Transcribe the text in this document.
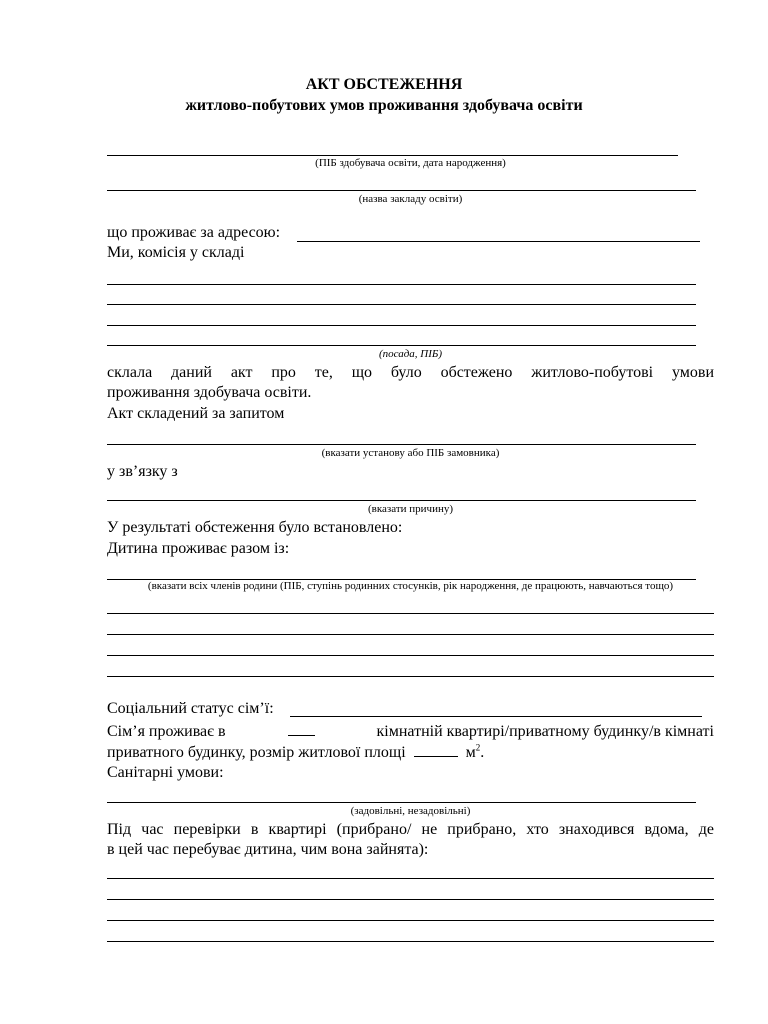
АКТ ОБСТЕЖЕННЯ
житлово-побутових умов проживання здобувача освіти
(ПІБ здобувача освіти, дата народження)
(назва закладу освіти)
що проживає за адресою:
Ми, комісія у складі
(посада, ПІБ)
склала даний акт про те, що було обстежено житлово-побутові умови
проживання здобувача освіти.
Акт складений за запитом
(вказати установу або ПІБ замовника)
у зв’язку з
(вказати причину)
У результаті обстеження було встановлено:
Дитина проживає разом із:
(вказати всіх членів родини (ПІБ, ступінь родинних стосунків, рік народження, де працюють, навчаються тощо)
Соціальний статус сім’ї:
Сім’я проживає в	кімнатній квартирі/приватному будинку/в кімнаті
приватного будинку, розмір житлової площі	$м^2$.
Санітарні умови:
(задовільні, незадовільні)
Під час перевірки в квартирі (прибрано/ не прибрано, хто знаходився вдома, де
в цей час перебуває дитина, чим вона зайнята):
